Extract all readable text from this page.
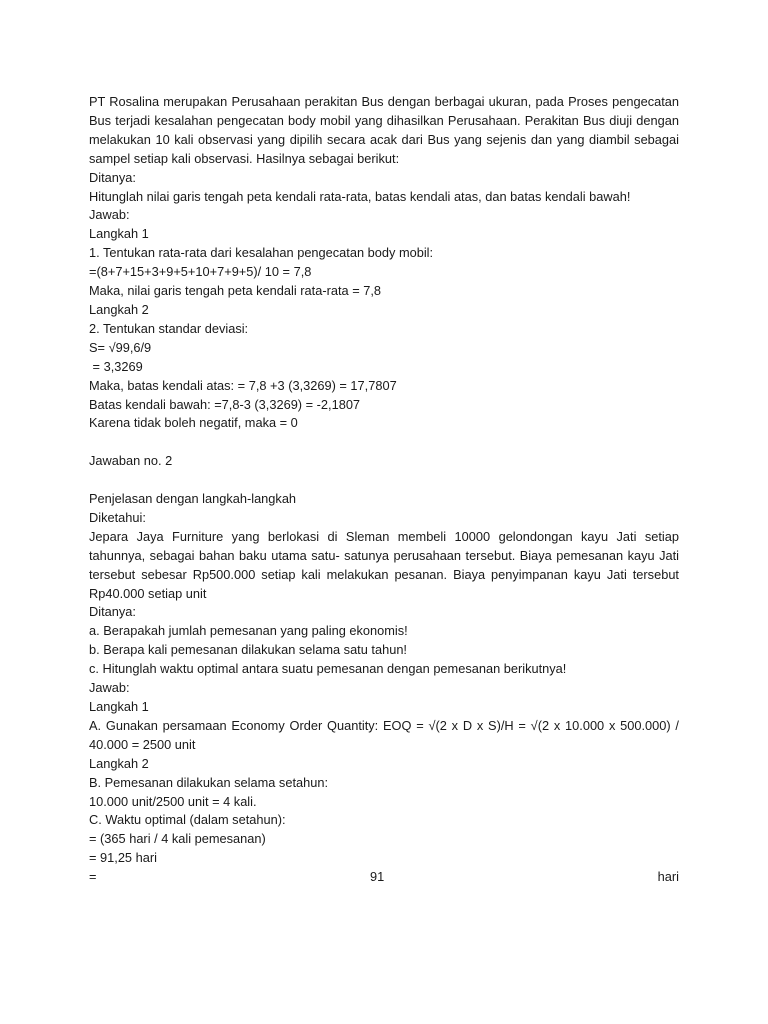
PT Rosalina merupakan Perusahaan perakitan Bus dengan berbagai ukuran, pada Proses pengecatan Bus terjadi kesalahan pengecatan body mobil yang dihasilkan Perusahaan. Perakitan Bus diuji dengan melakukan 10 kali observasi yang dipilih secara acak dari Bus yang sejenis dan yang diambil sebagai sampel setiap kali observasi. Hasilnya sebagai berikut:

Ditanya:

Hitunglah nilai garis tengah peta kendali rata-rata, batas kendali atas, dan batas kendali bawah!

Jawab:

Langkah 1

1. Tentukan rata-rata dari kesalahan pengecatan body mobil:

=(8+7+15+3+9+5+10+7+9+5)/ 10 = 7,8

Maka, nilai garis tengah peta kendali rata-rata = 7,8

Langkah 2

2. Tentukan standar deviasi:

S= √99,6/9

= 3,3269

Maka, batas kendali atas: = 7,8 +3 (3,3269) = 17,7807

Batas kendali bawah: =7,8-3 (3,3269) = -2,1807

Karena tidak boleh negatif, maka = 0

Jawaban no. 2

Penjelasan dengan langkah-langkah

Diketahui:

Jepara Jaya Furniture yang berlokasi di Sleman membeli 10000 gelondongan kayu Jati setiap tahunnya, sebagai bahan baku utama satu- satunya perusahaan tersebut. Biaya pemesanan kayu Jati tersebut sebesar Rp500.000 setiap kali melakukan pesanan. Biaya penyimpanan kayu Jati tersebut Rp40.000 setiap unit

Ditanya:

a. Berapakah jumlah pemesanan yang paling ekonomis!

b. Berapa kali pemesanan dilakukan selama satu tahun!

c. Hitunglah waktu optimal antara suatu pemesanan dengan pemesanan berikutnya!

Jawab:

Langkah 1

A. Gunakan persamaan Economy Order Quantity: EOQ = √(2 x D x S)/H = √(2 x 10.000 x 500.000) / 40.000 = 2500 unit

Langkah 2

B. Pemesanan dilakukan selama setahun:

10.000 unit/2500 unit = 4 kali.

C. Waktu optimal (dalam setahun):

= (365 hari / 4 kali pemesanan)

= 91,25 hari

=	91	hari
